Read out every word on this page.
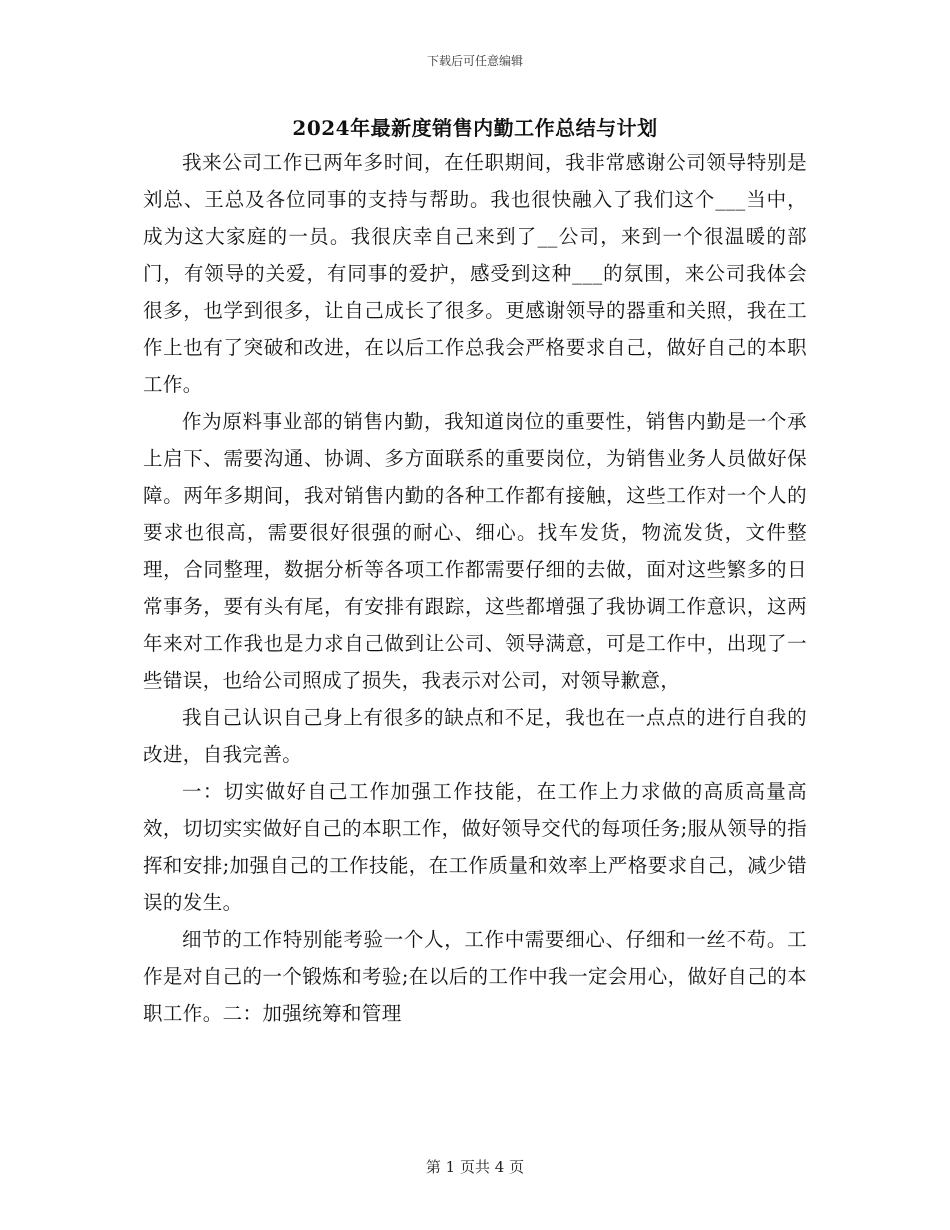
下载后可任意编辑
2024年最新度销售内勤工作总结与计划

我来公司工作已两年多时间，在任职期间，我非常感谢公司领导特别是刘总、王总及各位同事的支持与帮助。我也很快融入了我们这个___当中，成为这大家庭的一员。我很庆幸自己来到了__公司，来到一个很温暖的部门，有领导的关爱，有同事的爱护，感受到这种___的氛围，来公司我体会很多，也学到很多，让自己成长了很多。更感谢领导的器重和关照，我在工作上也有了突破和改进，在以后工作总我会严格要求自己，做好自己的本职工作。

作为原料事业部的销售内勤，我知道岗位的重要性，销售内勤是一个承上启下、需要沟通、协调、多方面联系的重要岗位，为销售业务人员做好保障。两年多期间，我对销售内勤的各种工作都有接触，这些工作对一个人的要求也很高，需要很好很强的耐心、细心。找车发货，物流发货，文件整理，合同整理，数据分析等各项工作都需要仔细的去做，面对这些繁多的日常事务，要有头有尾，有安排有跟踪，这些都增强了我协调工作意识，这两年来对工作我也是力求自己做到让公司、领导满意，可是工作中，出现了一些错误，也给公司照成了损失，我表示对公司，对领导歉意，

我自己认识自己身上有很多的缺点和不足，我也在一点点的进行自我的改进，自我完善。

一：切实做好自己工作加强工作技能，在工作上力求做的高质高量高效，切切实实做好自己的本职工作，做好领导交代的每项任务;服从领导的指挥和安排;加强自己的工作技能，在工作质量和效率上严格要求自己，减少错误的发生。

细节的工作特别能考验一个人，工作中需要细心、仔细和一丝不苟。工作是对自己的一个锻炼和考验;在以后的工作中我一定会用心，做好自己的本职工作。二：加强统筹和管理

第 1 页共 4 页
